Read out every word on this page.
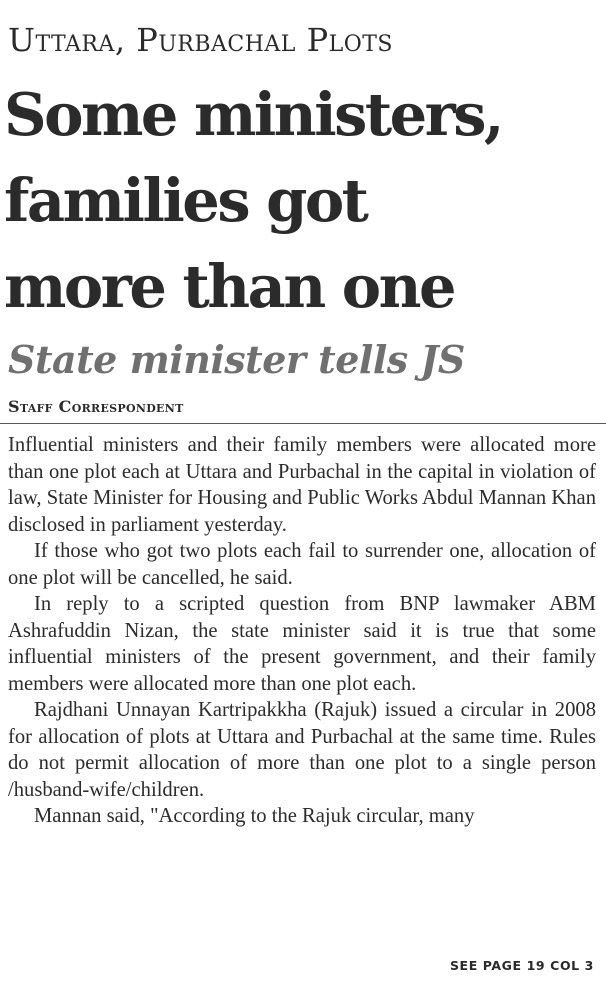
Uttara, Purbachal Plots
Some ministers,
families got
more than one
State minister tells JS
Staff Correspondent

Influential ministers and their family members were allocated more than one plot each at Uttara and Purbachal in the capital in violation of law, State Minister for Housing and Public Works Abdul Mannan Khan disclosed in parliament yesterday.

If those who got two plots each fail to surrender one, allocation of one plot will be cancelled, he said.

In reply to a scripted question from BNP lawmaker ABM Ashrafuddin Nizan, the state minister said it is true that some influential ministers of the present government, and their family members were allocated more than one plot each.

Rajdhani Unnayan Kartripakkha (Rajuk) issued a circular in 2008 for allocation of plots at Uttara and Purbachal at the same time. Rules do not permit allocation of more than one plot to a single person /husband-wife/children.

Mannan said, "According to the Rajuk circular, many

SEE PAGE 19 COL 3
